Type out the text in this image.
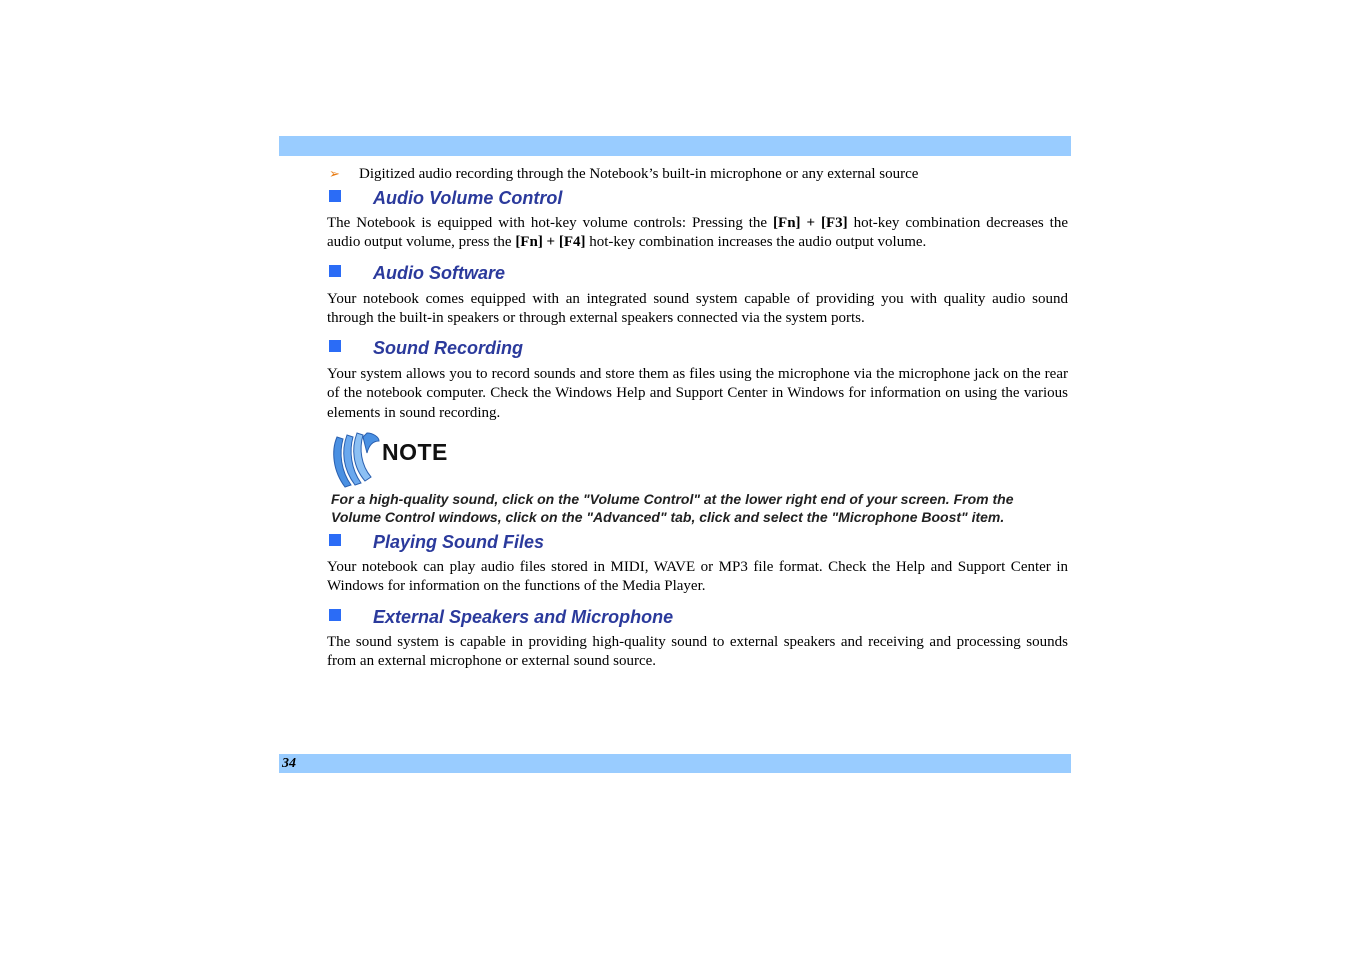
➢ Digitized audio recording through the Notebook’s built-in microphone or any external source

Audio Volume Control

The Notebook is equipped with hot-key volume controls: Pressing the [Fn] + [F3] hot-key combination decreases the audio output volume, press the [Fn] + [F4] hot-key combination increases the audio output volume.

Audio Software

Your notebook comes equipped with an integrated sound system capable of providing you with quality audio sound through the built-in speakers or through external speakers connected via the system ports.

Sound Recording

Your system allows you to record sounds and store them as files using the microphone via the microphone jack on the rear of the notebook computer. Check the Windows Help and Support Center in Windows for information on using the various elements in sound recording.

NOTE

For a high-quality sound, click on the "Volume Control" at the lower right end of your screen. From the Volume Control windows, click on the "Advanced" tab, click and select the "Microphone Boost" item.

Playing Sound Files

Your notebook can play audio files stored in MIDI, WAVE or MP3 file format. Check the Help and Support Center in Windows for information on the functions of the Media Player.

External Speakers and Microphone

The sound system is capable in providing high-quality sound to external speakers and receiving and processing sounds from an external microphone or external sound source.

34
